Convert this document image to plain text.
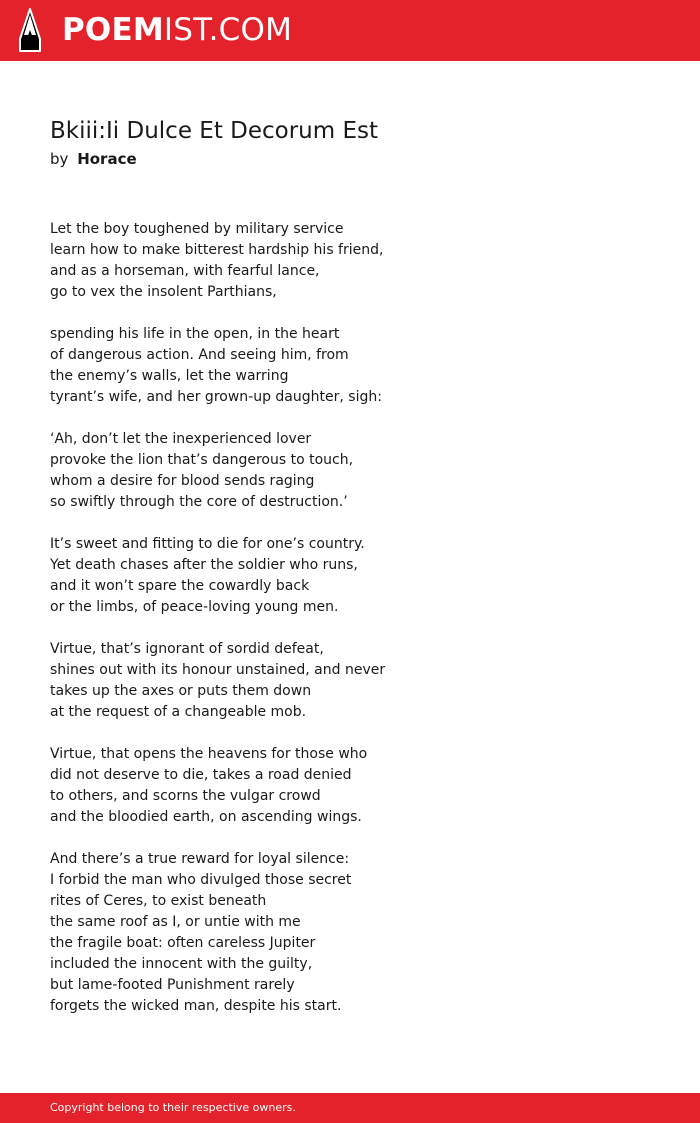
POEMIST.COM
Bkiii:Ii Dulce Et Decorum Est
by Horace
Let the boy toughened by military service
learn how to make bitterest hardship his friend,
and as a horseman, with fearful lance,
go to vex the insolent Parthians,
spending his life in the open, in the heart
of dangerous action. And seeing him, from
the enemy’s walls, let the warring
tyrant’s wife, and her grown-up daughter, sigh:
‘Ah, don’t let the inexperienced lover
provoke the lion that’s dangerous to touch,
whom a desire for blood sends raging
so swiftly through the core of destruction.’
It’s sweet and fitting to die for one’s country.
Yet death chases after the soldier who runs,
and it won’t spare the cowardly back
or the limbs, of peace-loving young men.
Virtue, that’s ignorant of sordid defeat,
shines out with its honour unstained, and never
takes up the axes or puts them down
at the request of a changeable mob.
Virtue, that opens the heavens for those who
did not deserve to die, takes a road denied
to others, and scorns the vulgar crowd
and the bloodied earth, on ascending wings.
And there’s a true reward for loyal silence:
I forbid the man who divulged those secret
rites of Ceres, to exist beneath
the same roof as I, or untie with me
the fragile boat: often careless Jupiter
included the innocent with the guilty,
but lame-footed Punishment rarely
forgets the wicked man, despite his start.
Copyright belong to their respective owners.
